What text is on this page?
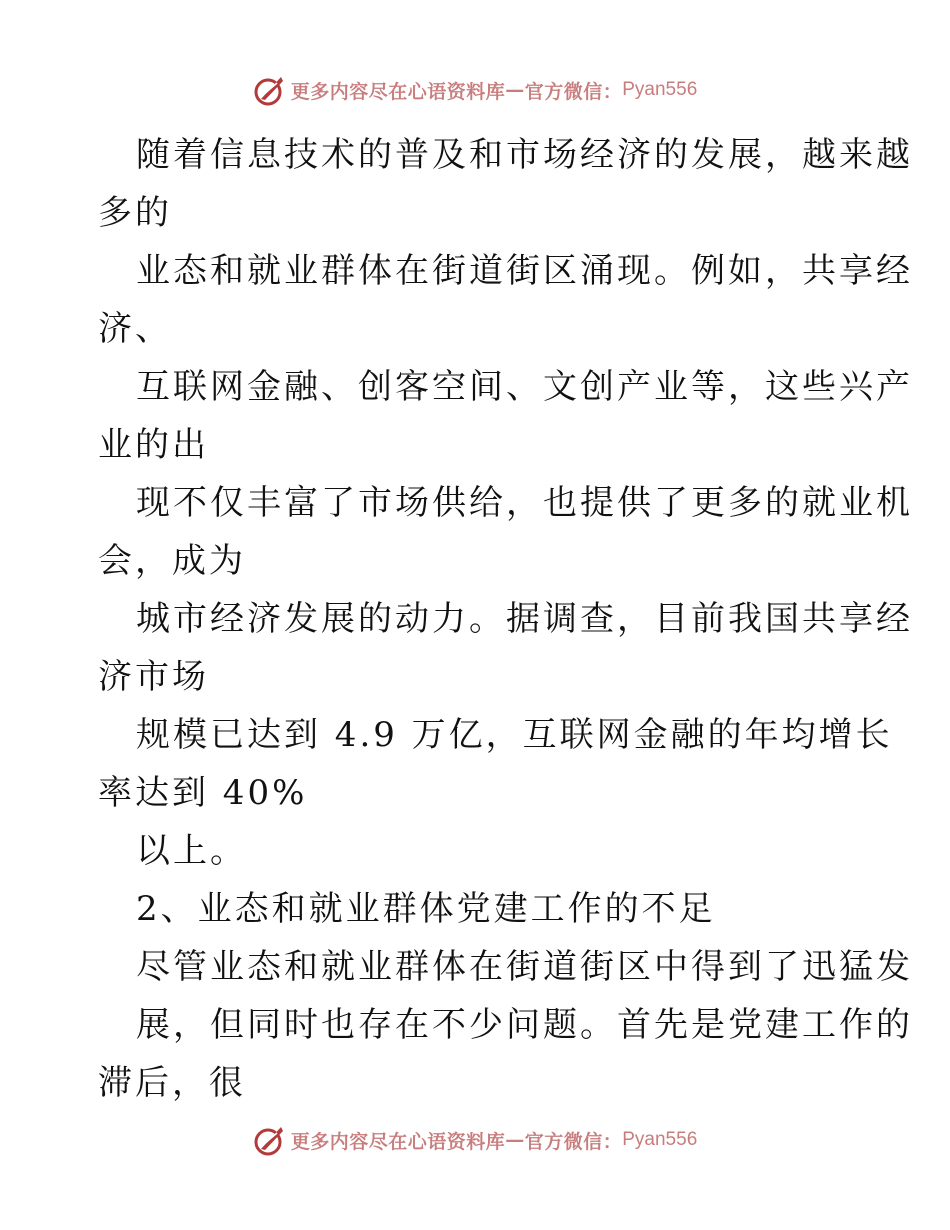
更多内容尽在心语资料库 — 官方微信： Pyan556
随着信息技术的普及和市场经济的发展，越来越
多的
业态和就业群体在街道街区涌现。例如，共享经
济、
互联网金融、创客空间、文创产业等，这些兴产
业的出
现不仅丰富了市场供给，也提供了更多的就业机
会，成为
城市经济发展的动力。据调查，目前我国共享经
济市场
规模已达到 4.9 万亿，互联网金融的年均增长
率达到 40%
以上。
2、业态和就业群体党建工作的不足
尽管业态和就业群体在街道街区中得到了迅猛发
展，但同时也存在不少问题。首先是党建工作的
滞后，很
更多内容尽在心语资料库 — 官方微信： Pyan556
